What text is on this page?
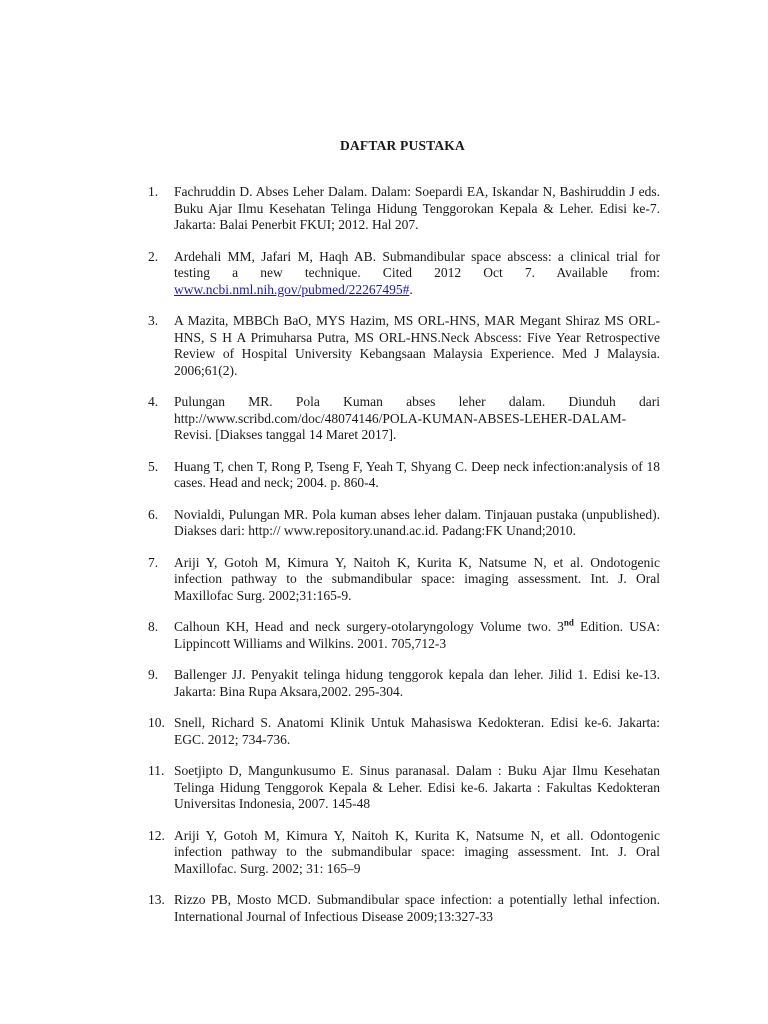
DAFTAR PUSTAKA
1.	Fachruddin D. Abses Leher Dalam. Dalam: Soepardi EA, Iskandar N, Bashiruddin J eds. Buku Ajar Ilmu Kesehatan Telinga Hidung Tenggorokan Kepala & Leher. Edisi ke-7. Jakarta: Balai Penerbit FKUI; 2012. Hal 207.
2.	Ardehali MM, Jafari M, Haqh AB. Submandibular space abscess: a clinical trial for testing a new technique. Cited 2012 Oct 7. Available from: www.ncbi.nml.nih.gov/pubmed/22267495#.
3.	A Mazita, MBBCh BaO, MYS Hazim, MS ORL-HNS, MAR Megant Shiraz MS ORL-HNS, S H A Primuharsa Putra, MS ORL-HNS.Neck Abscess: Five Year Retrospective Review of Hospital University Kebangsaan Malaysia Experience. Med J Malaysia. 2006;61(2).
4.	Pulungan MR. Pola Kuman abses leher dalam. Diunduh dari http://www.scribd.com/doc/48074146/POLA-KUMAN-ABSES-LEHER-DALAM-Revisi. [Diakses tanggal 14 Maret 2017].
5.	Huang T, chen T, Rong P, Tseng F, Yeah T, Shyang C. Deep neck infection:analysis of 18 cases. Head and neck; 2004. p. 860-4.
6.	Novialdi, Pulungan MR. Pola kuman abses leher dalam. Tinjauan pustaka (unpublished). Diakses dari: http:// www.repository.unand.ac.id. Padang:FK Unand;2010.
7.	Ariji Y, Gotoh M, Kimura Y, Naitoh K, Kurita K, Natsume N, et al. Ondotogenic infection pathway to the submandibular space: imaging assessment. Int. J. Oral Maxillofac Surg. 2002;31:165-9.
8.	Calhoun KH, Head and neck surgery-otolaryngology Volume two. 3nd Edition. USA: Lippincott Williams and Wilkins. 2001. 705,712-3
9.	Ballenger JJ. Penyakit telinga hidung tenggorok kepala dan leher. Jilid 1. Edisi ke-13. Jakarta: Bina Rupa Aksara,2002. 295-304.
10. Snell, Richard S. Anatomi Klinik Untuk Mahasiswa Kedokteran. Edisi ke-6. Jakarta: EGC. 2012; 734-736.
11. Soetjipto D, Mangunkusumo E. Sinus paranasal. Dalam : Buku Ajar Ilmu Kesehatan Telinga Hidung Tenggorok Kepala & Leher. Edisi ke-6. Jakarta : Fakultas Kedokteran Universitas Indonesia, 2007. 145-48
12. Ariji Y, Gotoh M, Kimura Y, Naitoh K, Kurita K, Natsume N, et all. Odontogenic infection pathway to the submandibular space: imaging assessment. Int. J. Oral Maxillofac. Surg. 2002; 31: 165–9
13. Rizzo PB, Mosto MCD. Submandibular space infection: a potentially lethal infection. International Journal of Infectious Disease 2009;13:327-33
